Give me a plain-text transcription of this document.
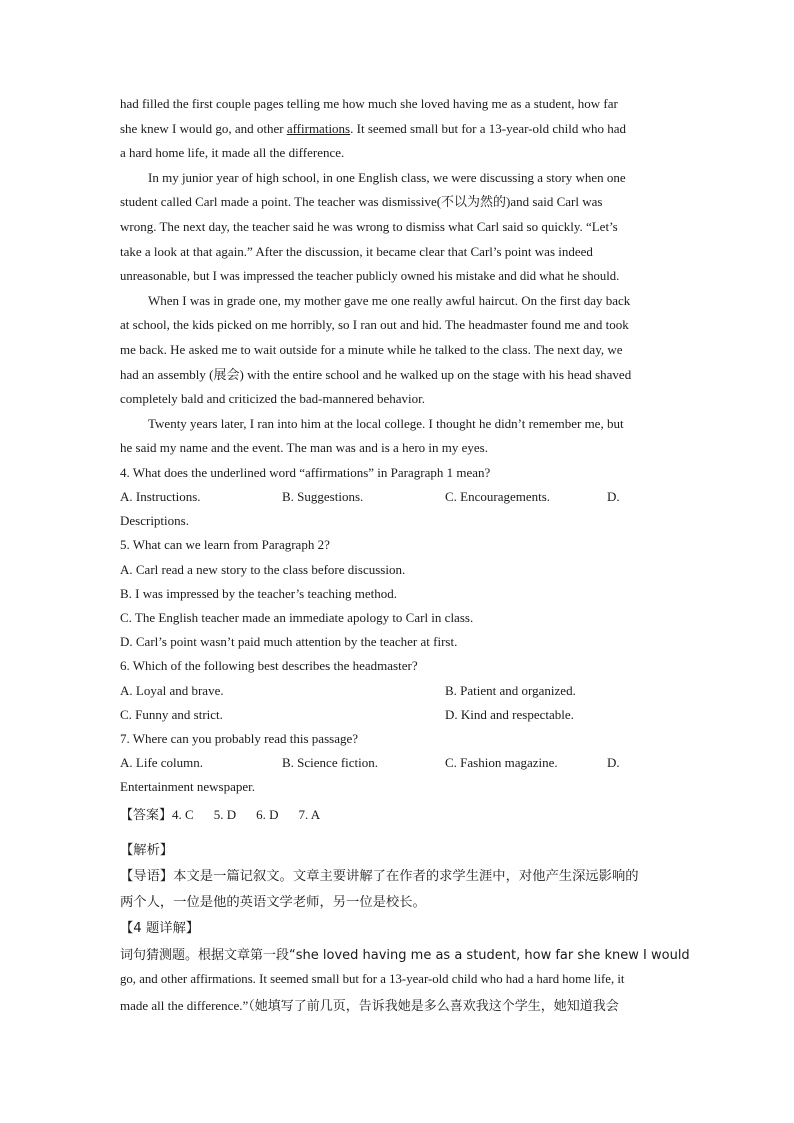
had filled the first couple pages telling me how much she loved having me as a student, how far
she knew I would go, and other affirmations. It seemed small but for a 13-year-old child who had
a hard home life, it made all the difference.
In my junior year of high school, in one English class, we were discussing a story when one
student called Carl made a point. The teacher was dismissive(不以为然的)and said Carl was
wrong. The next day, the teacher said he was wrong to dismiss what Carl said so quickly. “Let’s
take a look at that again.” After the discussion, it became clear that Carl’s point was indeed
unreasonable, but I was impressed the teacher publicly owned his mistake and did what he should.
When I was in grade one, my mother gave me one really awful haircut. On the first day back
at school, the kids picked on me horribly, so I ran out and hid. The headmaster found me and took
me back. He asked me to wait outside for a minute while he talked to the class. The next day, we
had an assembly (展会) with the entire school and he walked up on the stage with his head shaved
completely bald and criticized the bad-mannered behavior.
Twenty years later, I ran into him at the local college. I thought he didn’t remember me, but
he said my name and the event. The man was and is a hero in my eyes.
4. What does the underlined word “affirmations” in Paragraph 1 mean?
A. Instructions.	B. Suggestions.	C. Encouragements.	D.
Descriptions.
5. What can we learn from Paragraph 2?
A. Carl read a new story to the class before discussion.
B. I was impressed by the teacher’s teaching method.
C. The English teacher made an immediate apology to Carl in class.
D. Carl’s point wasn’t paid much attention by the teacher at first.
6. Which of the following best describes the headmaster?
A. Loyal and brave.	B. Patient and organized.
C. Funny and strict.	D. Kind and respectable.
7. Where can you probably read this passage?
A. Life column.	B. Science fiction.	C. Fashion magazine.	D.
Entertainment newspaper.
【答案】4. C 5. D 6. D 7. A
【解析】
【导语】本文是一篇记叙文。文章主要讲解了在作者的求学生涯中，对他产生深远影响的
两个人，一位是他的英语文学老师，另一位是校长。
【4 题详解】
词句猜测题。根据文章第一段“she loved having me as a student, how far she knew I would
go, and other affirmations. It seemed small but for a 13-year-old child who had a hard home life, it
made all the difference.”（她填写了前几页，告诉我她是多么喜欢我这个学生，她知道我会
